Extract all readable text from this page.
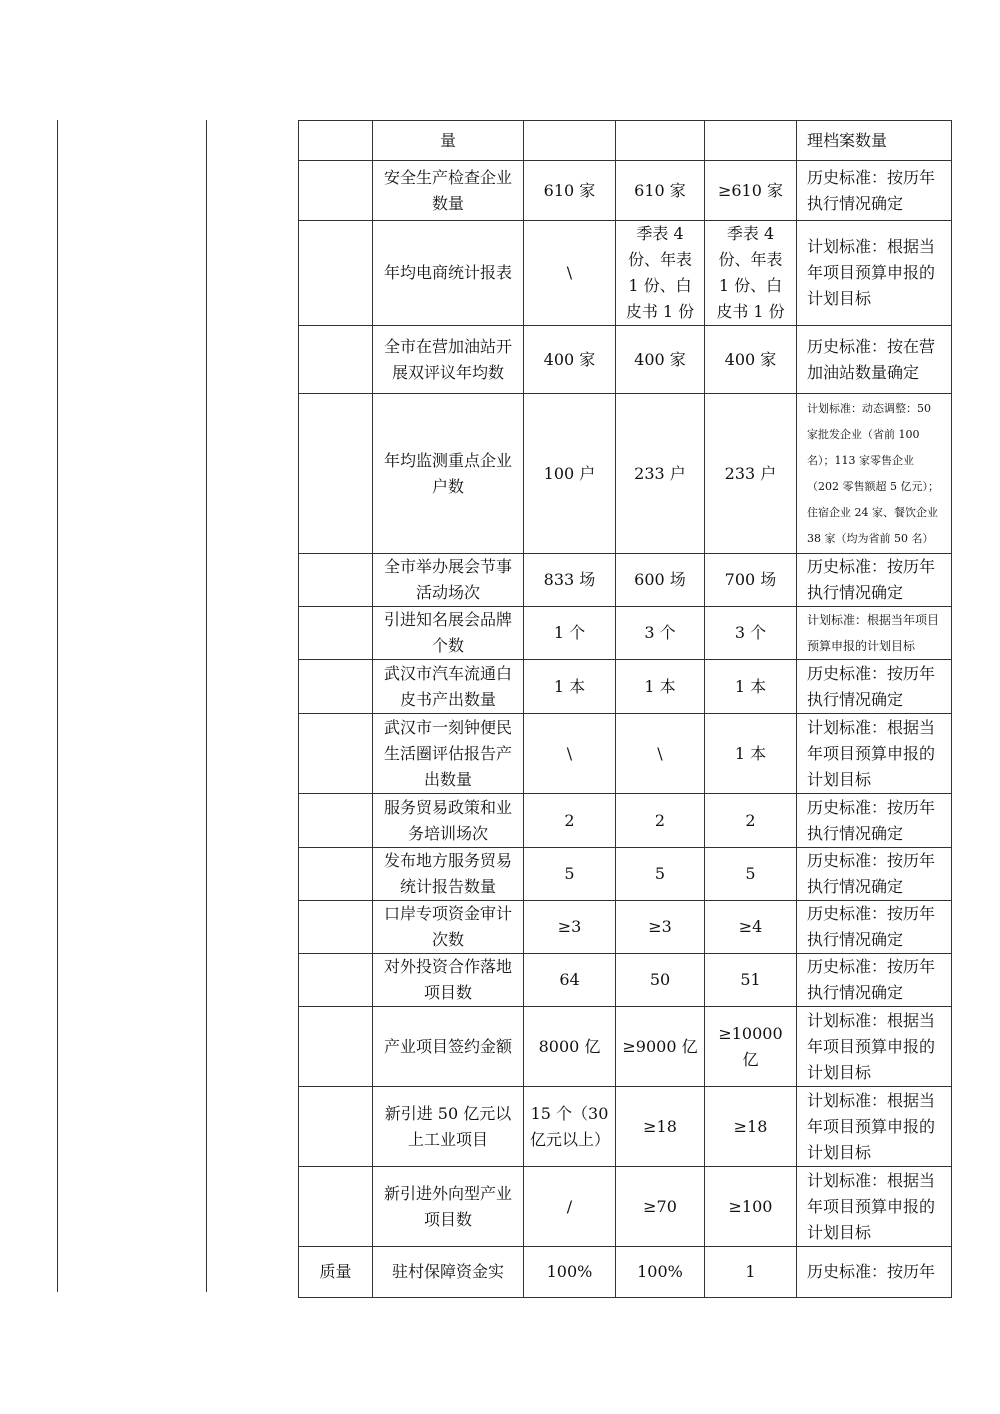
	量				理档案数量
	安全生产检查企业数量	610 家	610 家	≥610 家	历史标准：按历年执行情况确定
	年均电商统计报表	\	季表 4 份、年表 1 份、白皮书 1 份	季表 4 份、年表 1 份、白皮书 1 份	计划标准：根据当年项目预算申报的计划目标
	全市在营加油站开展双评议年均数	400 家	400 家	400 家	历史标准：按在营加油站数量确定
	年均监测重点企业户数	100 户	233 户	233 户	计划标准：动态调整：50 家批发企业（省前 100 名）；113 家零售企业（202 零售额超 5 亿元）；住宿企业 24 家、餐饮企业 38 家（均为省前 50 名）
	全市举办展会节事活动场次	833 场	600 场	700 场	历史标准：按历年执行情况确定
	引进知名展会品牌个数	1 个	3 个	3 个	计划标准：根据当年项目预算申报的计划目标
	武汉市汽车流通白皮书产出数量	1 本	1 本	1 本	历史标准：按历年执行情况确定
	武汉市一刻钟便民生活圈评估报告产出数量	\	\	1 本	计划标准：根据当年项目预算申报的计划目标
	服务贸易政策和业务培训场次	2	2	2	历史标准：按历年执行情况确定
	发布地方服务贸易统计报告数量	5	5	5	历史标准：按历年执行情况确定
	口岸专项资金审计次数	≥3	≥3	≥4	历史标准：按历年执行情况确定
	对外投资合作落地项目数	64	50	51	历史标准：按历年执行情况确定
	产业项目签约金额	8000 亿	≥9000 亿	≥10000 亿	计划标准：根据当年项目预算申报的计划目标
	新引进 50 亿元以上工业项目	15 个（30 亿元以上）	≥18	≥18	计划标准：根据当年项目预算申报的计划目标
	新引进外向型产业项目数	/	≥70	≥100	计划标准：根据当年项目预算申报的计划目标
质量	驻村保障资金实	100%	100%	1	历史标准：按历年
